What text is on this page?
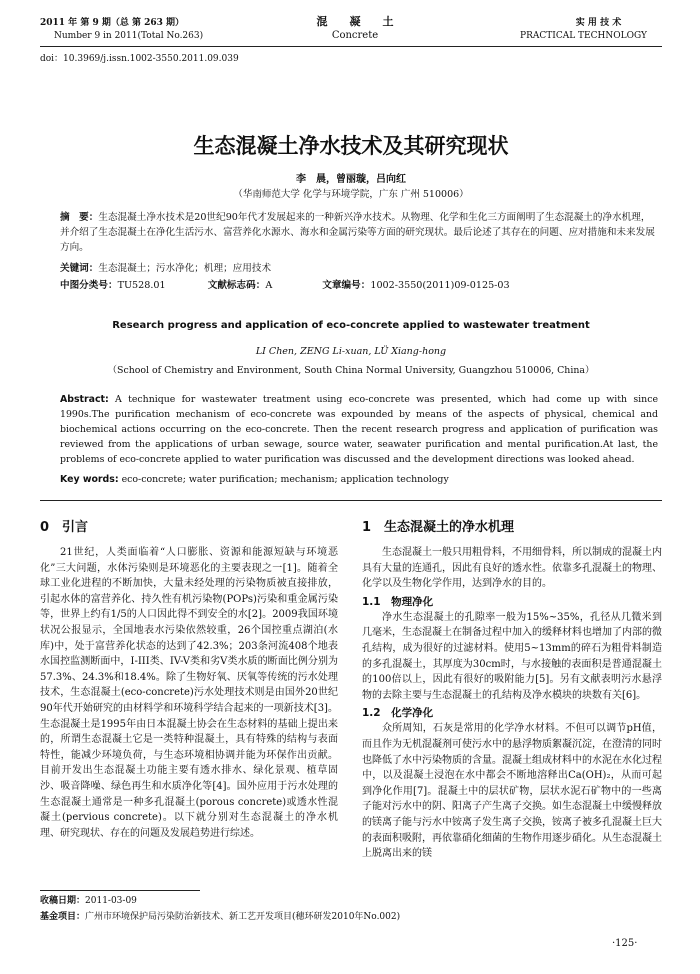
2011 年 第 9 期（总 第 263 期）
Number 9 in 2011(Total No.263)
混　　凝　　土
Concrete
实 用 技 术
PRACTICAL TECHNOLOGY
doi：10.3969/j.issn.1002-3550.2011.09.039
生态混凝土净水技术及其研究现状
李　晨，曾丽璇，吕向红
（华南师范大学 化学与环境学院，广东 广州 510006）
摘　要：生态混凝土净水技术是20世纪90年代才发展起来的一种新兴净水技术。从物理、化学和生化三方面阐明了生态混凝土的净水机理，并介绍了生态混凝土在净化生活污水、富营养化水源水、海水和金属污染等方面的研究现状。最后论述了其存在的问题、应对措施和未来发展方向。
关键词：生态混凝土；污水净化；机理；应用技术
中图分类号：TU528.01	文献标志码：A	文章编号：1002-3550(2011)09-0125-03
Research progress and application of eco-concrete applied to wastewater treatment
LI Chen, ZENG Li-xuan, LÜ Xiang-hong
（School of Chemistry and Environment, South China Normal University, Guangzhou 510006, China）
Abstract: A technique for wastewater treatment using eco-concrete was presented, which had come up with since 1990s.The purification mechanism of eco-concrete was expounded by means of the aspects of physical, chemical and biochemical actions occurring on the eco-concrete. Then the recent research progress and application of purification was reviewed from the applications of urban sewage, source water, seawater purification and mental purification.At last, the problems of eco-concrete applied to water purification was discussed and the development directions was looked ahead.
Key words: eco-concrete; water purification; mechanism; application technology
0　引言

21世纪，人类面临着“人口膨胀、资源和能源短缺与环境恶化”三大问题，水体污染则是环境恶化的主要表现之一[1]。随着全球工业化进程的不断加快，大量未经处理的污染物质被直接排放，引起水体的富营养化、持久性有机污染物(POPs)污染和重金属污染等，世界上约有1/5的人口因此得不到安全的水[2]。2009我国环境状况公报显示，全国地表水污染依然较重，26个国控重点湖泊(水库)中，处于富营养化状态的达到了42.3%；203条河流408个地表水国控监测断面中，I-III类、IV-V类和劣V类水质的断面比例分别为57.3%、24.3%和18.4%。除了生物好氧、厌氧等传统的污水处理技术，生态混凝土(eco-concrete)污水处理技术则是由国外20世纪90年代开始研究的由材料学和环境科学结合起来的一项新技术[3]。生态混凝土是1995年由日本混凝土协会在生态材料的基础上提出来的，所谓生态混凝土它是一类特种混凝土，具有特殊的结构与表面特性，能减少环境负荷，与生态环境相协调并能为环保作出贡献。目前开发出生态混凝土功能主要有透水排水、绿化景观、植草固沙、吸音降噪、绿色再生和水质净化等[4]。国外应用于污水处理的生态混凝土通常是一种多孔混凝土(porous concrete)或透水性混凝土(pervious concrete)。以下就分别对生态混凝土的净水机理、研究现状、存在的问题及发展趋势进行综述。

1　生态混凝土的净水机理

生态混凝土一般只用粗骨料，不用细骨料，所以制成的混凝土内具有大量的连通孔，因此有良好的透水性。依靠多孔混凝土的物理、化学以及生物化学作用，达到净水的目的。

1.1　物理净化

净水生态混凝土的孔隙率一般为15%~35%，孔径从几微米到几毫米，生态混凝土在制备过程中加入的缓释材料也增加了内部的微孔结构，成为很好的过滤材料。使用5~13mm的碎石为粗骨料制造的多孔混凝土，其厚度为30cm时，与水接触的表面积是普通混凝土的100倍以上，因此有很好的吸附能力[5]。另有文献表明污水悬浮物的去除主要与生态混凝土的孔结构及净水模块的块数有关[6]。

1.2　化学净化

众所周知，石灰是常用的化学净水材料。不但可以调节pH值，而且作为无机混凝剂可使污水中的悬浮物质絮凝沉淀，在澄清的同时也降低了水中污染物质的含量。混凝土组成材料中的水泥在水化过程中，以及混凝土浸泡在水中都会不断地溶释出Ca(OH)₂，从而可起到净化作用[7]。混凝土中的层状矿物，层状水泥石矿物中的一些离子能对污水中的阴、阳离子产生离子交换。如生态混凝土中缓慢释放的镁离子能与污水中铵离子发生离子交换，铵离子被多孔混凝土巨大的表面积吸附，再依靠硝化细菌的生物作用逐步硝化。从生态混凝土上脱离出来的镁

收稿日期：2011-03-09
基金项目：广州市环境保护局污染防治新技术、新工艺开发项目(穗环研发2010年No.002)
·125·
